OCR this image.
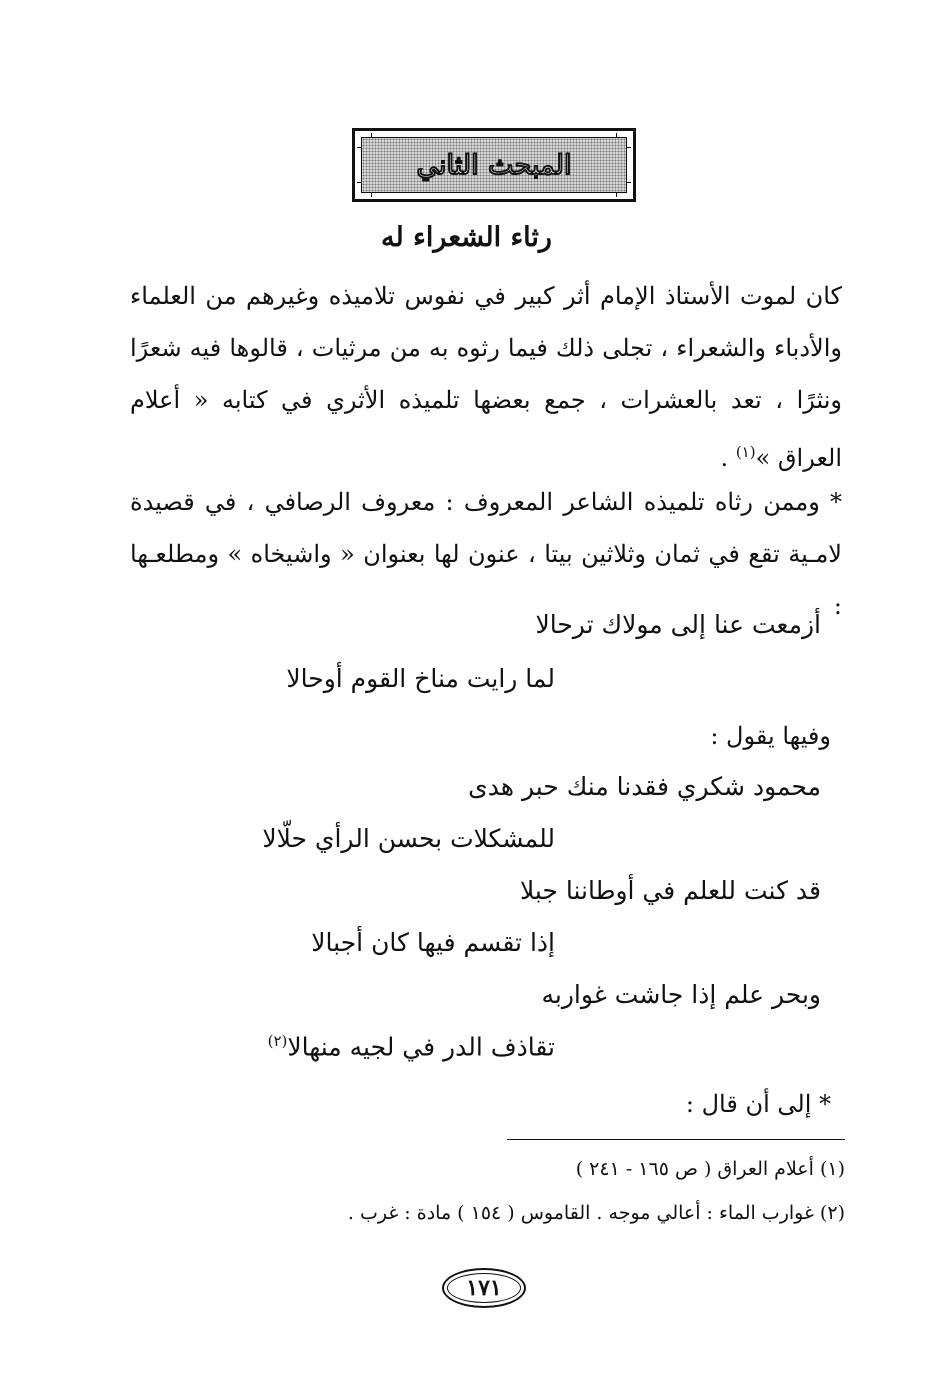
المبحث الثاني
رثاء الشعراء له
كان لموت الأستاذ الإمام أثر كبير في نفوس تلاميذه وغيرهم من العلماء والأدباء والشعراء ، تجلى ذلك فيما رثوه به من مرثيات ، قالوها فيه شعرًا ونثرًا ، تعد بالعشرات ، جمع بعضها تلميذه الأثري في كتابه « أعلام العراق »$^{(١)}$ .
* وممن رثاه تلميذه الشاعر المعروف : معروف الرصافي ، في قصيدة لامـية تقع في ثمان وثلاثين بيتا ، عنون لها بعنوان « واشيخاه » ومطلعـها :
أزمعت عنا إلى مولاك ترحالا
لما رايت مناخ القوم أوحالا
وفيها يقول :
محمود شكري فقدنا منك حبر هدى
للمشكلات بحسن الرأي حلّالا
قد كنت للعلم في أوطاننا جبلا
إذا تقسم فيها كان أجبالا
وبحر علم إذا جاشت غواربه
تقاذف الدر في لجيه منهالا$^{(٢)}$
* إلى أن قال :
(١) أعلام العراق ( ص ١٦٥ - ٢٤١ )
(٢) غوارب الماء : أعالي موجه . القاموس ( ١٥٤ ) مادة : غرب .
١٧١
